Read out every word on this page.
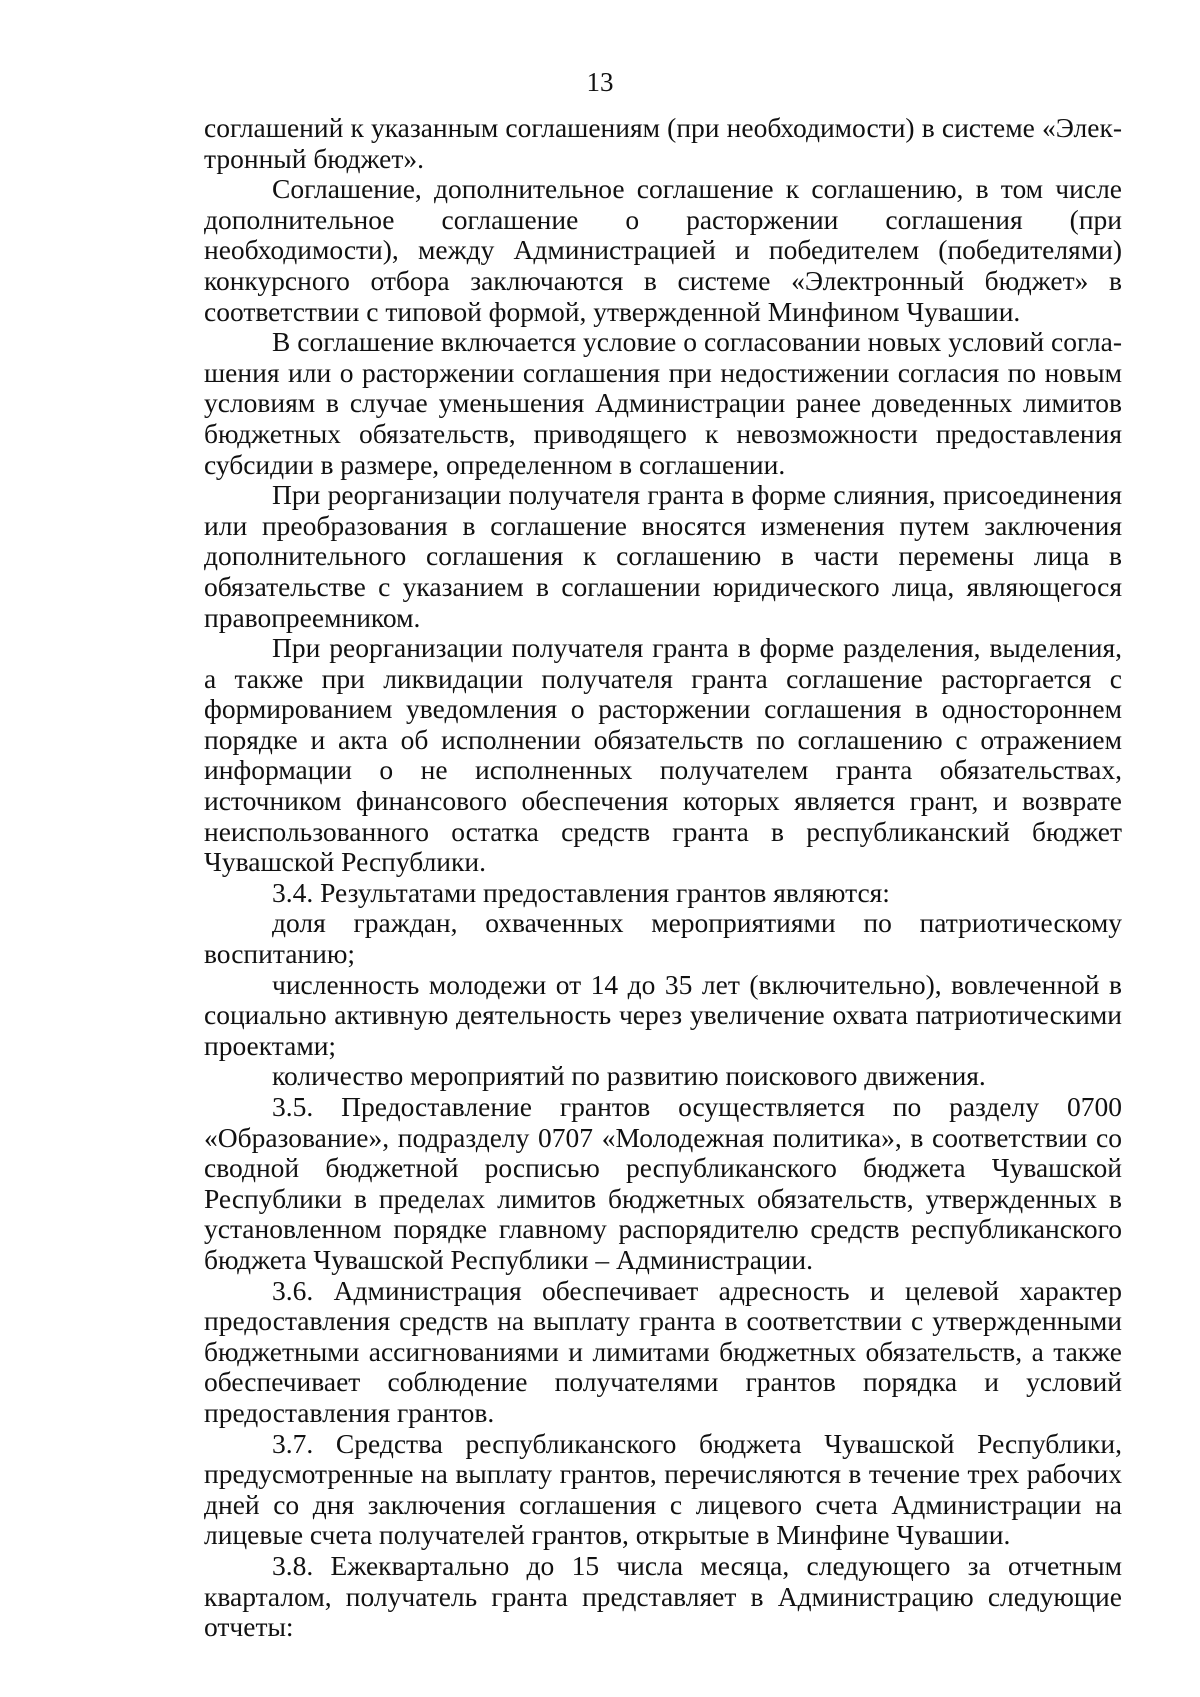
13

соглашений к указанным соглашениям (при необходимости) в системе «Электронный бюджет».

Соглашение, дополнительное соглашение к соглашению, в том числе дополнительное соглашение о расторжении соглашения (при необходимости), между Администрацией и победителем (победителями) конкурсного отбора заключаются в системе «Электронный бюджет» в соответствии с типовой формой, утвержденной Минфином Чувашии.

В соглашение включается условие о согласовании новых условий соглашения или о расторжении соглашения при недостижении согласия по новым условиям в случае уменьшения Администрации ранее доведенных лимитов бюджетных обязательств, приводящего к невозможности предоставления субсидии в размере, определенном в соглашении.

При реорганизации получателя гранта в форме слияния, присоединения или преобразования в соглашение вносятся изменения путем заключения дополнительного соглашения к соглашению в части перемены лица в обязательстве с указанием в соглашении юридического лица, являющегося правопреемником.

При реорганизации получателя гранта в форме разделения, выделения, а также при ликвидации получателя гранта соглашение расторгается с формированием уведомления о расторжении соглашения в одностороннем порядке и акта об исполнении обязательств по соглашению с отражением информации о не исполненных получателем гранта обязательствах, источником финансового обеспечения которых является грант, и возврате неиспользованного остатка средств гранта в республиканский бюджет Чувашской Республики.

3.4. Результатами предоставления грантов являются:

доля граждан, охваченных мероприятиями по патриотическому воспитанию;

численность молодежи от 14 до 35 лет (включительно), вовлеченной в социально активную деятельность через увеличение охвата патриотическими проектами;

количество мероприятий по развитию поискового движения.

3.5. Предоставление грантов осуществляется по разделу 0700 «Образование», подразделу 0707 «Молодежная политика», в соответствии со сводной бюджетной росписью республиканского бюджета Чувашской Республики в пределах лимитов бюджетных обязательств, утвержденных в установленном порядке главному распорядителю средств республиканского бюджета Чувашской Республики – Администрации.

3.6. Администрация обеспечивает адресность и целевой характер предоставления средств на выплату гранта в соответствии с утвержденными бюджетными ассигнованиями и лимитами бюджетных обязательств, а также обеспечивает соблюдение получателями грантов порядка и условий предоставления грантов.

3.7. Средства республиканского бюджета Чувашской Республики, предусмотренные на выплату грантов, перечисляются в течение трех рабочих дней со дня заключения соглашения с лицевого счета Администрации на лицевые счета получателей грантов, открытые в Минфине Чувашии.

3.8. Ежеквартально до 15 числа месяца, следующего за отчетным кварталом, получатель гранта представляет в Администрацию следующие отчеты:
